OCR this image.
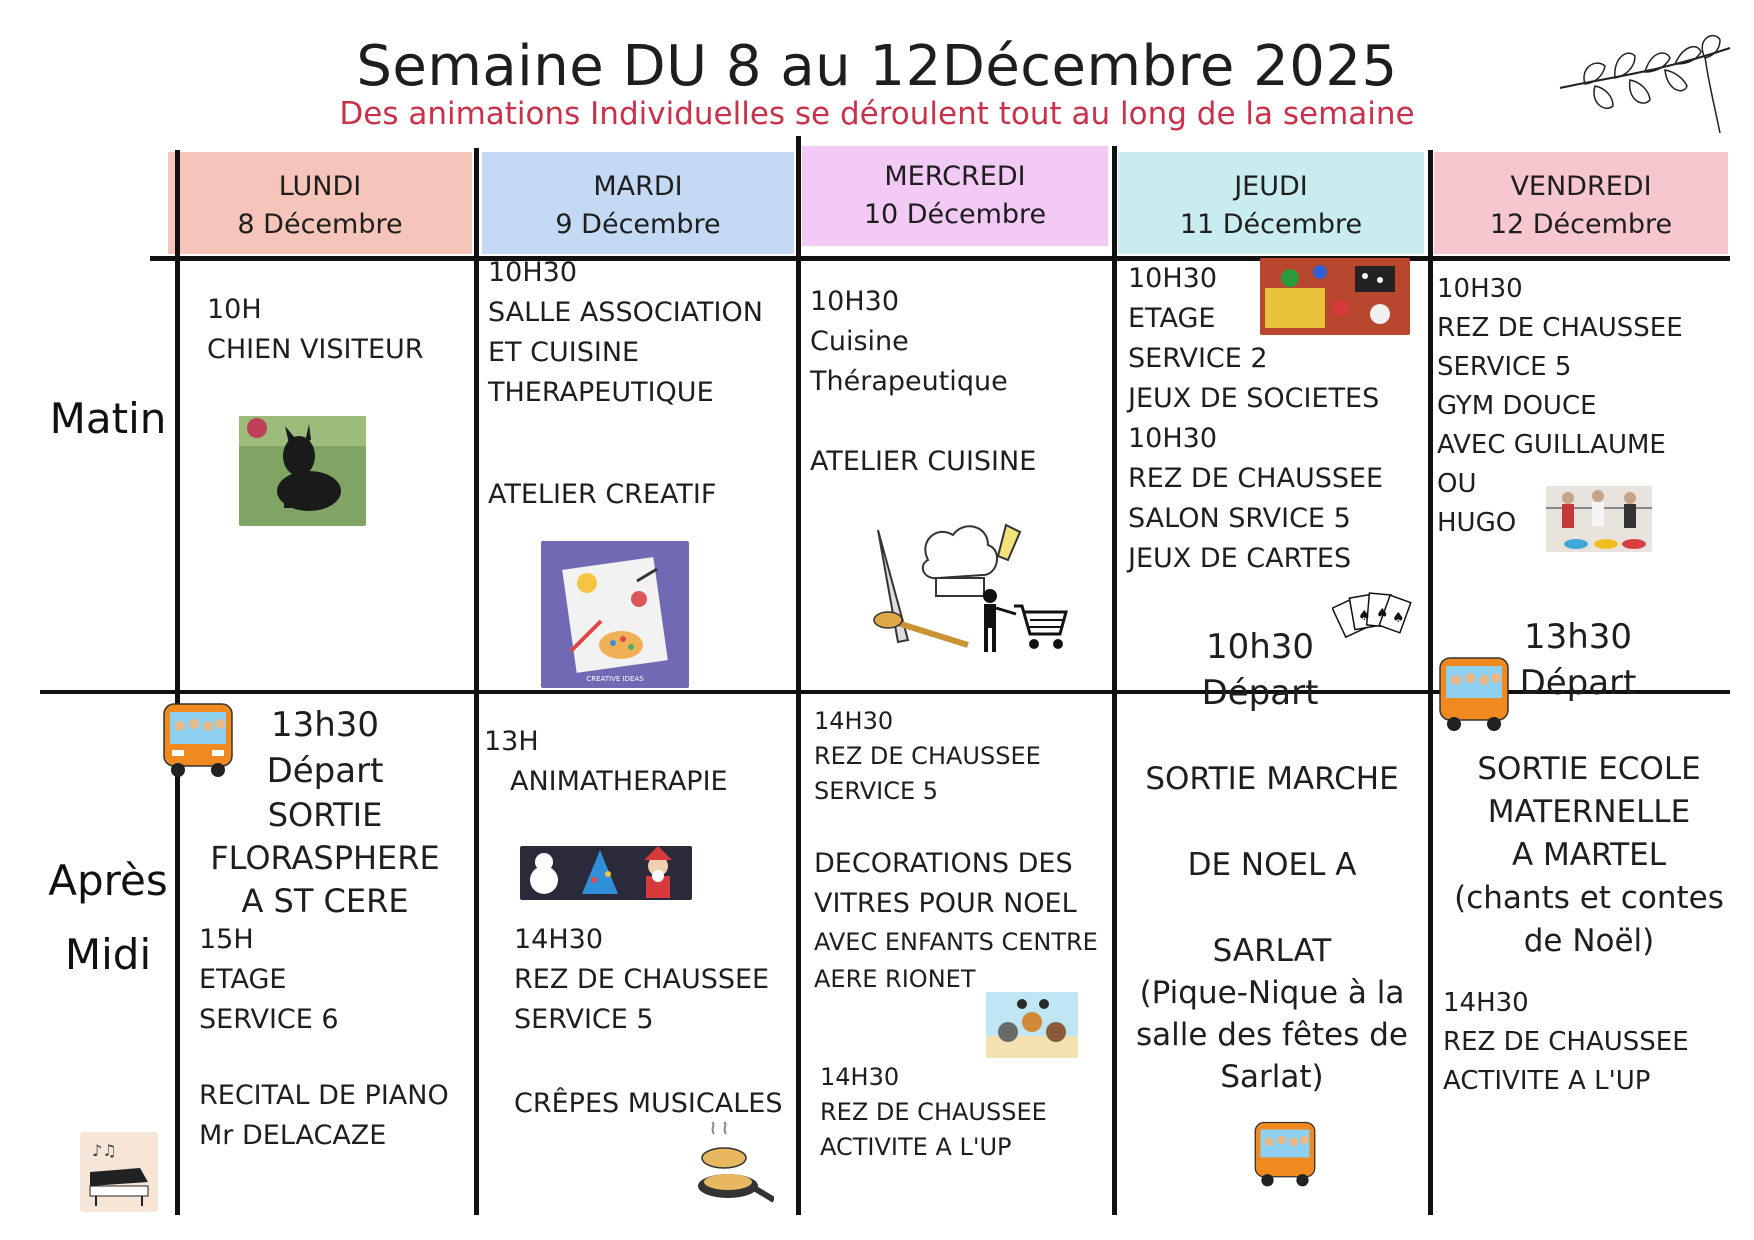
Semaine DU 8 au 12Décembre 2025
Des animations Individuelles se déroulent tout au long de la semaine
LUNDI
8 Décembre
MARDI
9 Décembre
MERCREDI
10 Décembre
JEUDI
11 Décembre
VENDREDI
12 Décembre
Matin
Après
Midi

10H

CHIEN VISITEUR

10H30

SALLE ASSOCIATION

ET CUISINE

THERAPEUTIQUE

ATELIER CREATIF

CREATIVE IDEAS

10H30

Cuisine

Thérapeutique

ATELIER CUISINE

10H30

ETAGE

SERVICE 2

JEUX DE SOCIETES

10H30

REZ DE CHAUSSEE

SALON SRVICE 5

JEUX DE CARTES

♠ ♠
♠

10H30

REZ DE CHAUSSEE

SERVICE 5

GYM DOUCE

AVEC GUILLAUME

OU

HUGO

10h30

Départ

13h30

Départ

13h30

Départ

SORTIE

FLORASPHERE

A ST CERE

15H

ETAGE

SERVICE 6

RECITAL DE PIANO

Mr DELACAZE

♪♫

13H

ANIMATHERAPIE

14H30

REZ DE CHAUSSEE

SERVICE 5

CRÊPES MUSICALES

14H30

REZ DE CHAUSSEE

SERVICE 5

DECORATIONS DES

VITRES POUR NOEL

AVEC ENFANTS CENTRE

AERE RIONET

14H30

REZ DE CHAUSSEE

ACTIVITE A L'UP

SORTIE MARCHE

DE NOEL A

SARLAT

(Pique-Nique à la

salle des fêtes de

Sarlat)

SORTIE ECOLE

MATERNELLE

A MARTEL

(chants et contes

de Noël)

14H30

REZ DE CHAUSSEE

ACTIVITE A L'UP
